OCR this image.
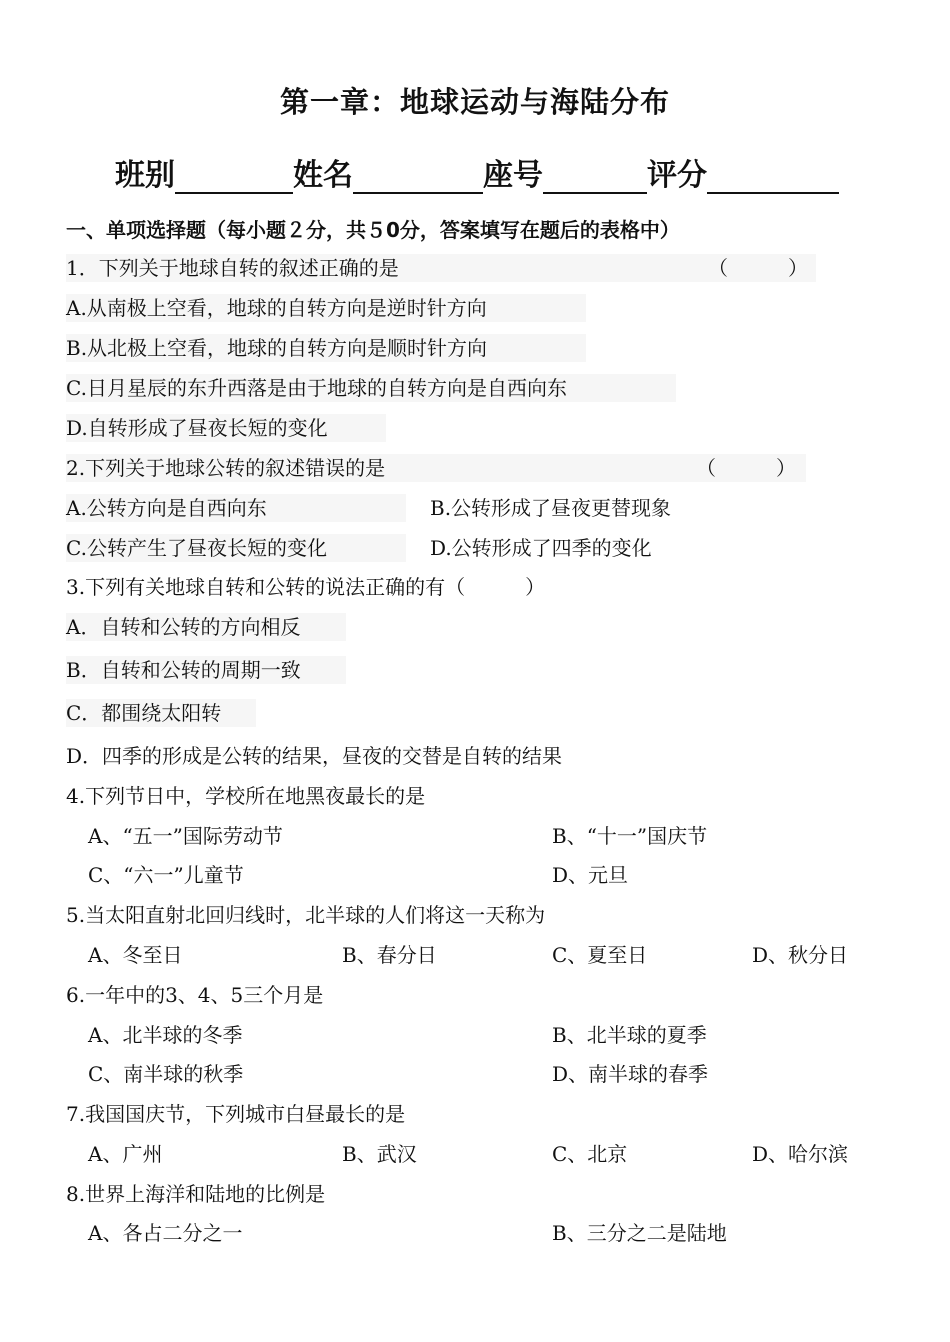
第一章：地球运动与海陆分布
班别	姓名	座号	评分
一、单项选择题（每小题２分，共５0分，答案填写在题后的表格中）
1．下列关于地球自转的叙述正确的是	（　　　）
A.从南极上空看，地球的自转方向是逆时针方向
B.从北极上空看，地球的自转方向是顺时针方向
C.日月星辰的东升西落是由于地球的自转方向是自西向东
D.自转形成了昼夜长短的变化
2.下列关于地球公转的叙述错误的是	（　　　）
A.公转方向是自西向东	B.公转形成了昼夜更替现象
C.公转产生了昼夜长短的变化	D.公转形成了四季的变化
3.下列有关地球自转和公转的说法正确的有（　　　）
A．自转和公转的方向相反
B．自转和公转的周期一致
C．都围绕太阳转
D．四季的形成是公转的结果，昼夜的交替是自转的结果
4.下列节日中，学校所在地黑夜最长的是
A、“五一”国际劳动节	B、“十一”国庆节
C、“六一”儿童节	D、元旦
5.当太阳直射北回归线时，北半球的人们将这一天称为
A、冬至日	B、春分日	C、夏至日	D、秋分日
6.一年中的3、4、5三个月是
A、北半球的冬季	B、北半球的夏季
C、南半球的秋季	D、南半球的春季
7.我国国庆节，下列城市白昼最长的是
A、广州	B、武汉	C、北京	D、哈尔滨
8.世界上海洋和陆地的比例是
A、各占二分之一	B、三分之二是陆地
